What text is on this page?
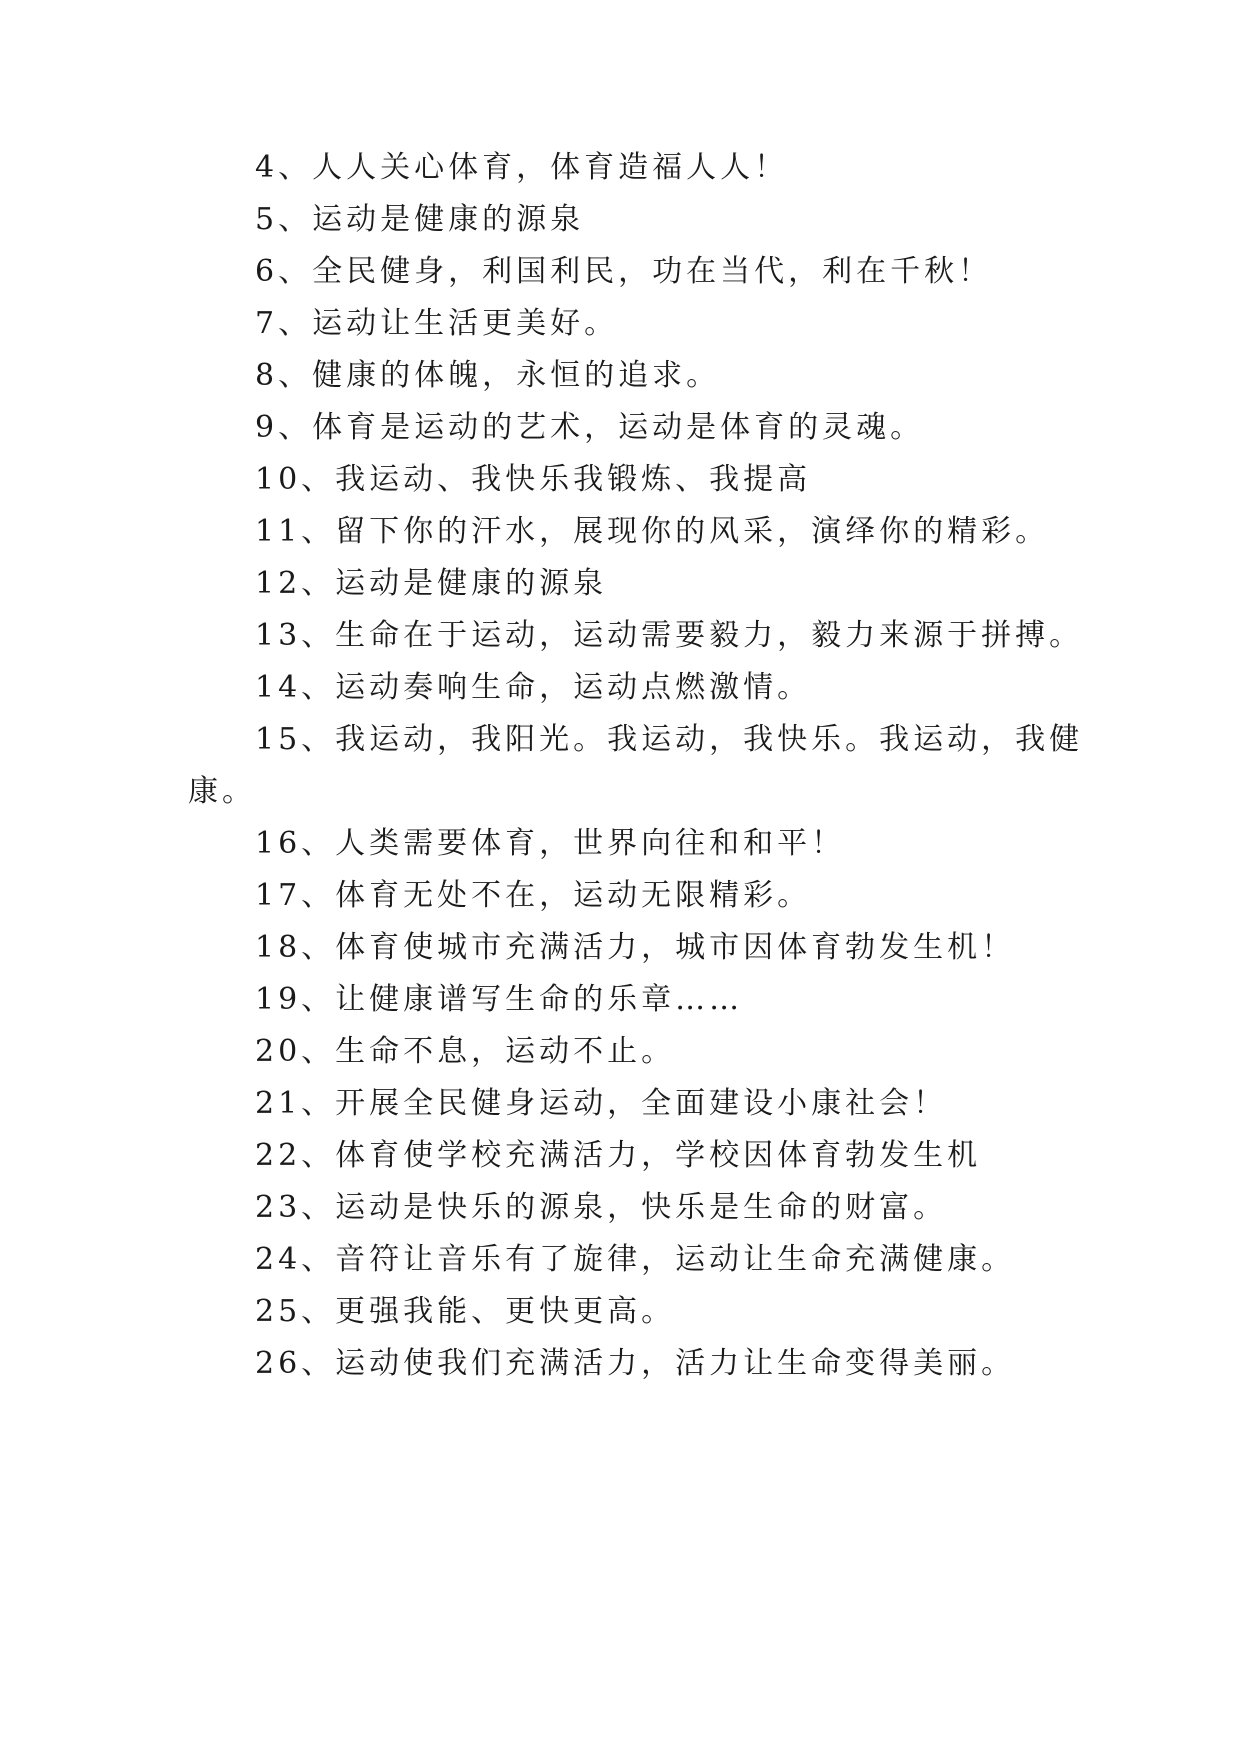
4、人人关心体育，体育造福人人！
5、运动是健康的源泉
6、全民健身，利国利民，功在当代，利在千秋！
7、运动让生活更美好。
8、健康的体魄，永恒的追求。
9、体育是运动的艺术，运动是体育的灵魂。
10、我运动、我快乐我锻炼、我提高
11、留下你的汗水，展现你的风采，演绎你的精彩。
12、运动是健康的源泉
13、生命在于运动，运动需要毅力，毅力来源于拼搏。
14、运动奏响生命，运动点燃激情。
15、我运动，我阳光。我运动，我快乐。我运动，我健
康。
16、人类需要体育，世界向往和和平！
17、体育无处不在，运动无限精彩。
18、体育使城市充满活力，城市因体育勃发生机！
19、让健康谱写生命的乐章……
20、生命不息，运动不止。
21、开展全民健身运动，全面建设小康社会！
22、体育使学校充满活力，学校因体育勃发生机
23、运动是快乐的源泉，快乐是生命的财富。
24、音符让音乐有了旋律，运动让生命充满健康。
25、更强我能、更快更高。
26、运动使我们充满活力，活力让生命变得美丽。
